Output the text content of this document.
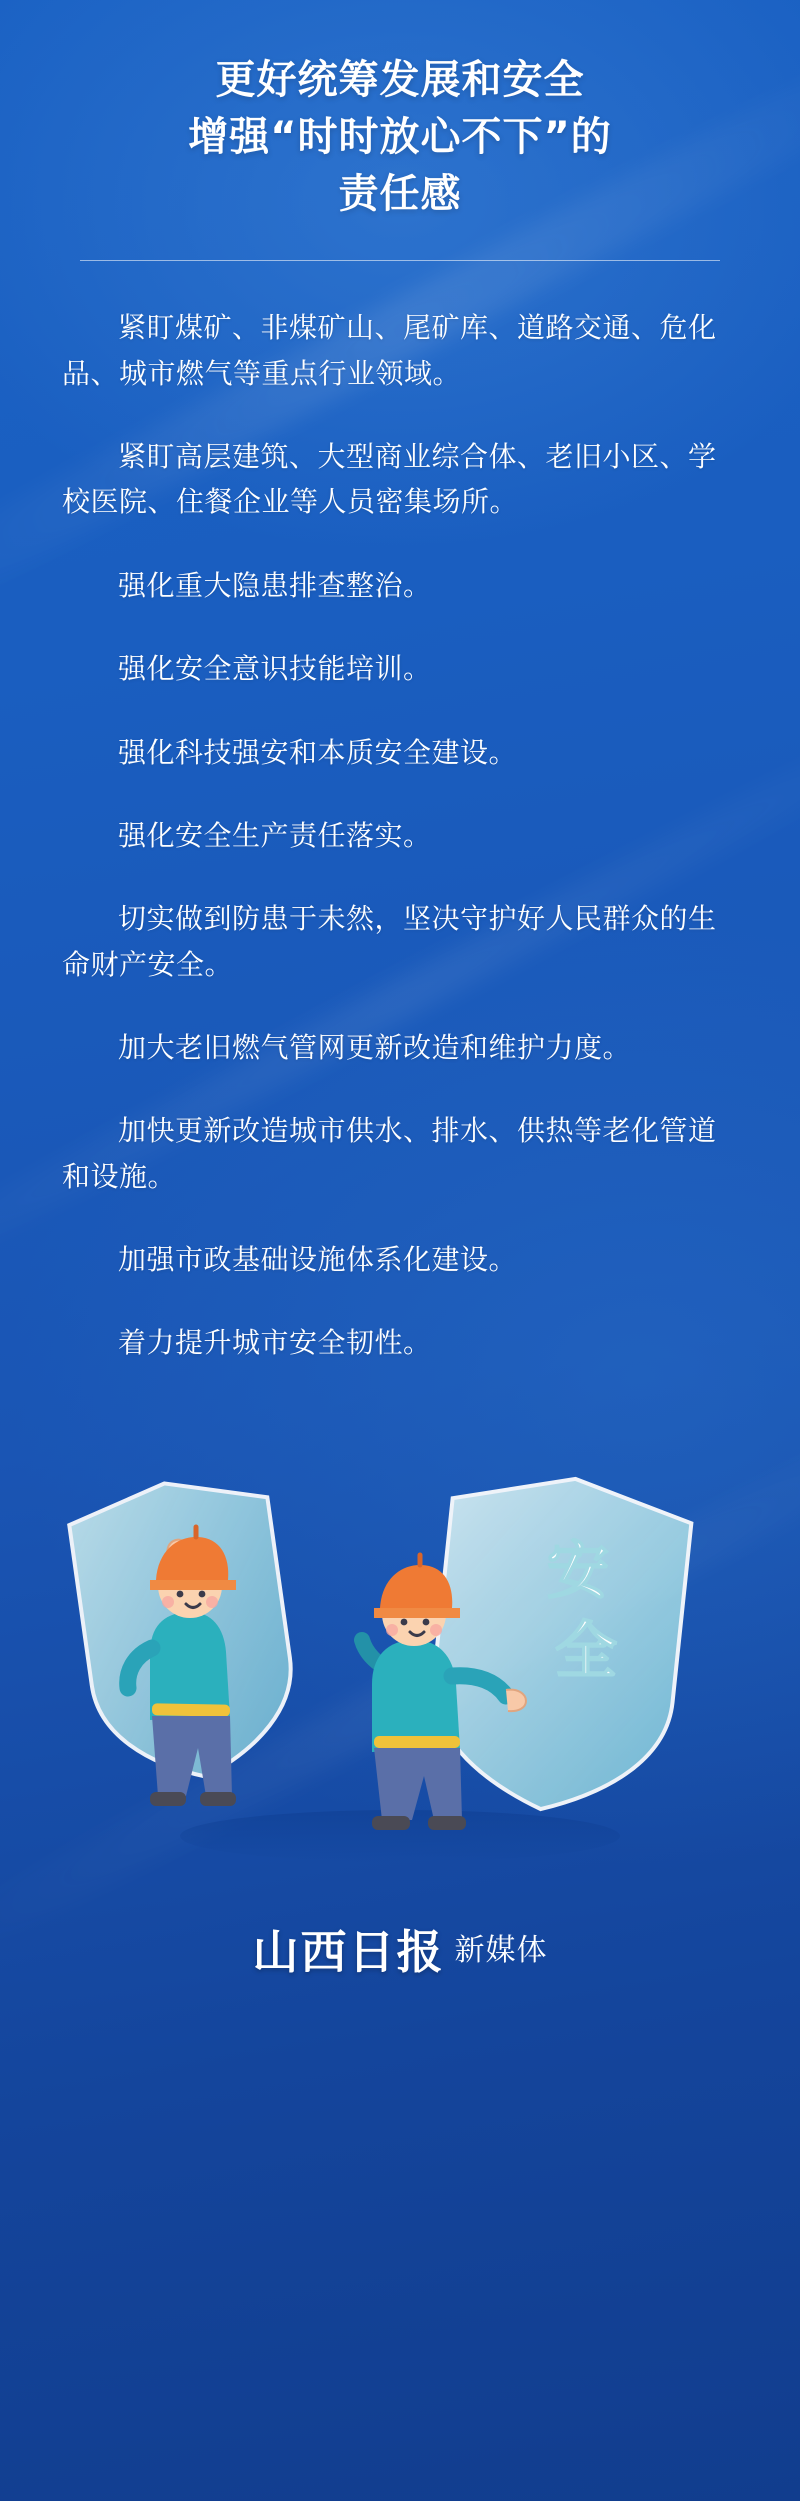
更好统筹发展和安全
增强“时时放心不下”的
责任感

紧盯煤矿、非煤矿山、尾矿库、道路交通、危化品、城市燃气等重点行业领域。

紧盯高层建筑、大型商业综合体、老旧小区、学校医院、住餐企业等人员密集场所。

强化重大隐患排查整治。

强化安全意识技能培训。

强化科技强安和本质安全建设。

强化安全生产责任落实。

切实做到防患于未然，坚决守护好人民群众的生命财产安全。

加大老旧燃气管网更新改造和维护力度。

加快更新改造城市供水、排水、供热等老化管道和设施。

加强市政基础设施体系化建设。

着力提升城市安全韧性。

安
全
山西日报 新媒体
